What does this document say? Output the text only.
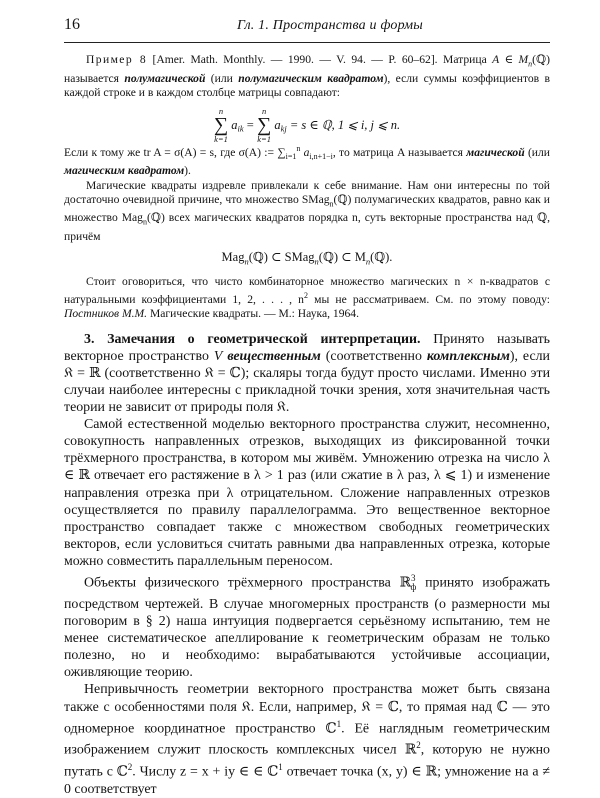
16	Гл. 1. Пространства и формы

Пример 8 [Amer. Math. Monthly. — 1990. — V. 94. — P. 60–62]. Матрица A ∈ $M_n(ℚ)$ называется полумагической (или полумагическим квадратом), если суммы коэффициентов в каждой строке и в каждом столбце матрицы совпадают:

n
∑
k=1
$a_{ik}$ =
n
∑
k=1
$a_{kj} = s$ ∈ ℚ, 1 ⩽ i, j ⩽ n.

Если к тому же tr A = σ(A) = s, где σ(A) := $\sum_{i=1}^n$ $a_{i,n+1-i}$, то матрица A называется магической (или магическим квадратом).

Магические квадраты издревле привлекали к себе внимание. Нам они интересны по той достаточно очевидной причине, что множество SMag$_n$(ℚ) полумагических квадратов, равно как и множество Mag$_n$(ℚ) всех магических квадратов порядка n, суть векторные пространства над ℚ, причём

Mag$_n$(ℚ) ⊂ SMag$_n$(ℚ) ⊂ $M_n(ℚ)$.

Стоит оговориться, что чисто комбинаторное множество магических n × n-квадратов с натуральными коэффициентами 1, 2, . . . , $n^2$ мы не рассматриваем. См. по этому поводу: Постников М.М. Магические квадраты. — М.: Наука, 1964.

3. Замечания о геометрической интерпретации. Принято называть векторное пространство V вещественным (соответственно комплексным), если 𝔎 = ℝ (соответственно 𝔎 = ℂ); скаляры тогда будут просто числами. Именно эти случаи наиболее интересны с прикладной точки зрения, хотя значительная часть теории не зависит от природы поля 𝔎.

Самой естественной моделью векторного пространства служит, несомненно, совокупность направленных отрезков, выходящих из фиксированной точки трёхмерного пространства, в котором мы живём. Умножению отрезка на число λ ∈ ℝ отвечает его растяжение в λ > 1 раз (или сжатие в λ раз, λ ⩽ 1) и изменение направления отрезка при λ отрицательном. Сложение направленных отрезков осуществляется по правилу параллелограмма. Это вещественное векторное пространство совпадает также с множеством свободных геометрических векторов, если условиться считать равными два направленных отрезка, которые можно совместить параллельным переносом.

Объекты физического трёхмерного пространства ℝ$^3_ф$ принято изображать посредством чертежей. В случае многомерных пространств (о размерности мы поговорим в § 2) наша интуиция подвергается серьёзному испытанию, тем не менее систематическое апеллирование к геометрическим образам не только полезно, но и необходимо: вырабатываются устойчивые ассоциации, оживляющие теорию.

Непривычность геометрии векторного пространства может быть связана также с особенностями поля 𝔎. Если, например, 𝔎 = ℂ, то прямая над ℂ — это одномерное координатное пространство ℂ$^1$. Её наглядным геометрическим изображением служит плоскость комплексных чисел ℝ$^2$, которую не нужно путать с ℂ$^2$. Числу z = x + iy ∈ ∈ ℂ$^1$ отвечает точка (x, y) ∈ ℝ; умножение на a ≠ 0 соответствует
